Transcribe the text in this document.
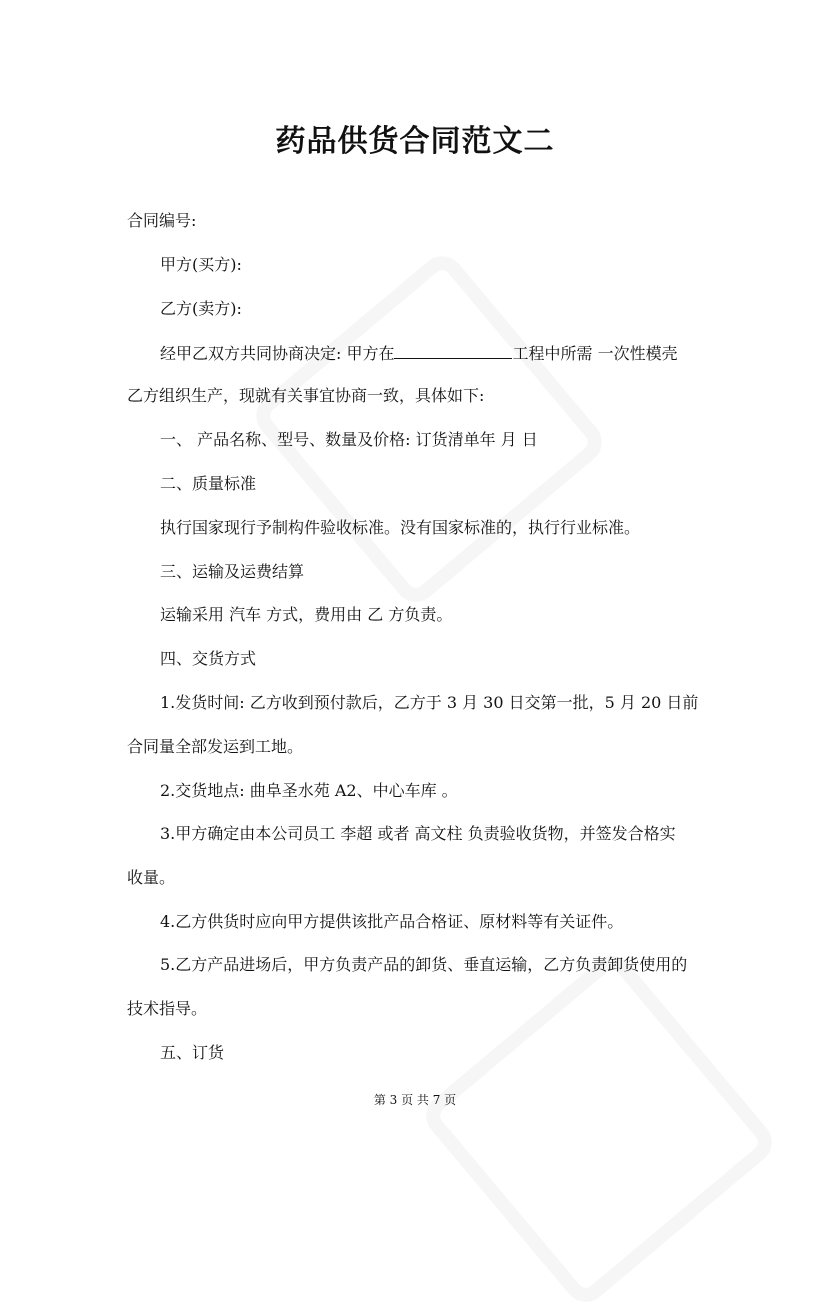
药品供货合同范文二

合同编号:

甲方(买方):

乙方(卖方):

经甲乙双方共同协商决定: 甲方在	工程中所需 一次性模壳

乙方组织生产，现就有关事宜协商一致，具体如下:

一、 产品名称、型号、数量及价格: 订货清单年 月 日

二、质量标准

执行国家现行予制构件验收标准。没有国家标准的，执行行业标准。

三、运输及运费结算

运输采用 汽车 方式，费用由 乙 方负责。

四、交货方式

1.发货时间: 乙方收到预付款后，乙方于 3 月 30 日交第一批，5 月 20 日前

合同量全部发运到工地。

2.交货地点: 曲阜圣水苑 A2、中心车库 。

3.甲方确定由本公司员工 李超 或者 高文柱 负责验收货物，并签发合格实

收量。

4.乙方供货时应向甲方提供该批产品合格证、原材料等有关证件。

5.乙方产品进场后，甲方负责产品的卸货、垂直运输，乙方负责卸货使用的

技术指导。

五、订货

第 3 页 共 7 页
